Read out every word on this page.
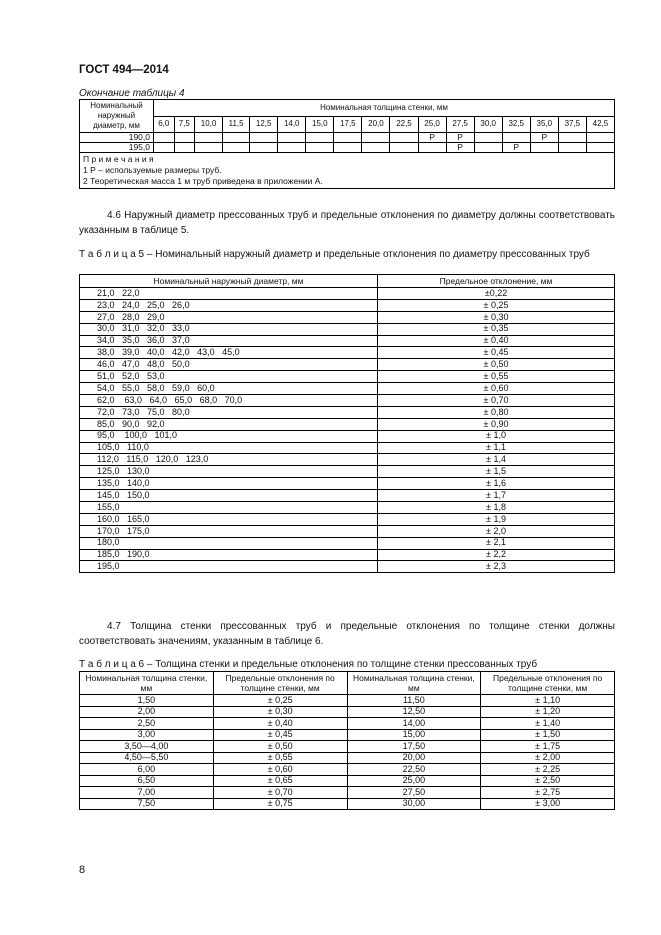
ГОСТ 494—2014
Окончание таблицы 4
Номинальный наружный диаметр, мм	Номинальная толщина стенки, мм																
	6,0	7,5	10,0	11,5	12,5	14,0	15,0	17,5	20,0	22,5	25,0	27,5	30,0	32,5	35,0	37,5	42,5
190,0											Р	Р			Р		
195,0												Р		Р			

П р и м е ч а н и я
1 Р – используемые размеры труб.
2 Теоретическая масса 1 м труб приведена в приложении А.																	
4.6 Наружный диаметр прессованных труб и предельные отклонения по диаметру должны соответствовать указанным в таблице 5.
Т а б л и ц а 5 – Номинальный наружный диаметр и предельные отклонения по диаметру прессованных труб
Номинальный наружный диаметр, мм	Предельное отклонение, мм
21,0   22,0	±0,22
23,0   24,0   25,0   26,0	± 0,25
27,0   28,0   29,0	± 0,30
30,0   31,0   32,0   33,0	± 0,35
34,0   35,0   36,0   37,0	± 0,40
38,0   39,0   40,0   42,0   43,0   45,0	± 0,45
46,0   47,0   48,0   50,0	± 0,50
51,0   52,0   53,0	± 0,55
54,0   55,0   58,0   59,0   60,0	± 0,60
62,0    63,0   64,0   65,0   68,0   70,0	± 0,70
72,0   73,0   75,0   80,0	± 0,80
85,0   90,0   92,0	± 0,90
95,0    100,0   101,0	± 1,0
105,0   110,0	± 1,1
112,0   115,0   120,0   123,0	± 1,4
125,0   130,0	± 1,5
135,0   140,0	± 1,6
145,0   150,0	± 1,7
155,0	± 1,8
160,0   165,0	± 1,9
170,0   175,0	± 2,0
180,0	± 2,1
185,0   190,0	± 2,2
195,0	± 2,3
4.7 Толщина стенки прессованных труб и предельные отклонения по толщине стенки должны соответствовать значениям, указанным в таблице 6.
Т а б л и ц а 6 – Толщина стенки и предельные отклонения по толщине стенки прессованных труб
Номинальная толщина стенки, мм	Предельные отклонения по толщине стенки, мм	Номинальная толщина стенки, мм	Предельные отклонения по толщине стенки, мм
1,50	± 0,25	11,50	± 1,10
2,00	± 0,30	12,50	± 1,20
2,50	± 0,40	14,00	± 1,40
3,00	± 0,45	15,00	± 1,50
3,50—4,00	± 0,50	17,50	± 1,75
4,50—5,50	± 0,55	20,00	± 2,00
6,00	± 0,60	22,50	± 2,25
6,50	± 0,65	25,00	± 2,50
7,00	± 0,70	27,50	± 2,75
7,50	± 0,75	30,00	± 3,00
8
